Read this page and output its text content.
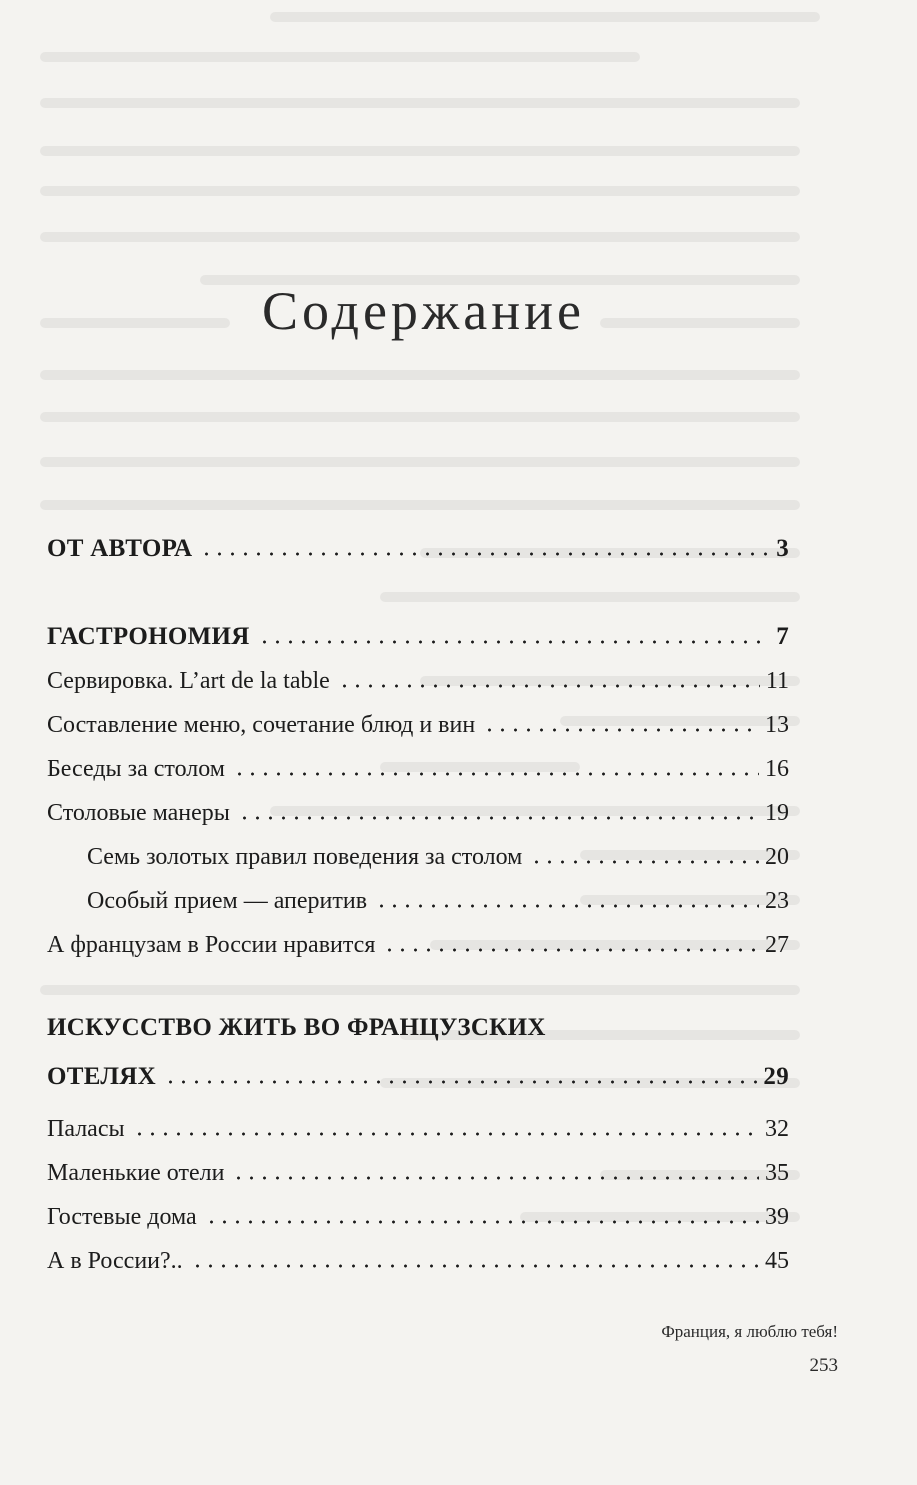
Содержание
ОТ АВТОРА	3
ГАСТРОНОМИЯ	7
Сервировка. L’art de la table	11
Составление меню, сочетание блюд и вин	13
Беседы за столом	16
Столовые манеры	19
Семь золотых правил поведения за столом	20
Особый прием — аперитив	23
А французам в России нравится	27
ИСКУССТВО ЖИТЬ ВО ФРАНЦУЗСКИХ
ОТЕЛЯХ	29
Паласы	32
Маленькие отели	35
Гостевые дома	39
А в России?..	45
Франция, я люблю тебя!
253
